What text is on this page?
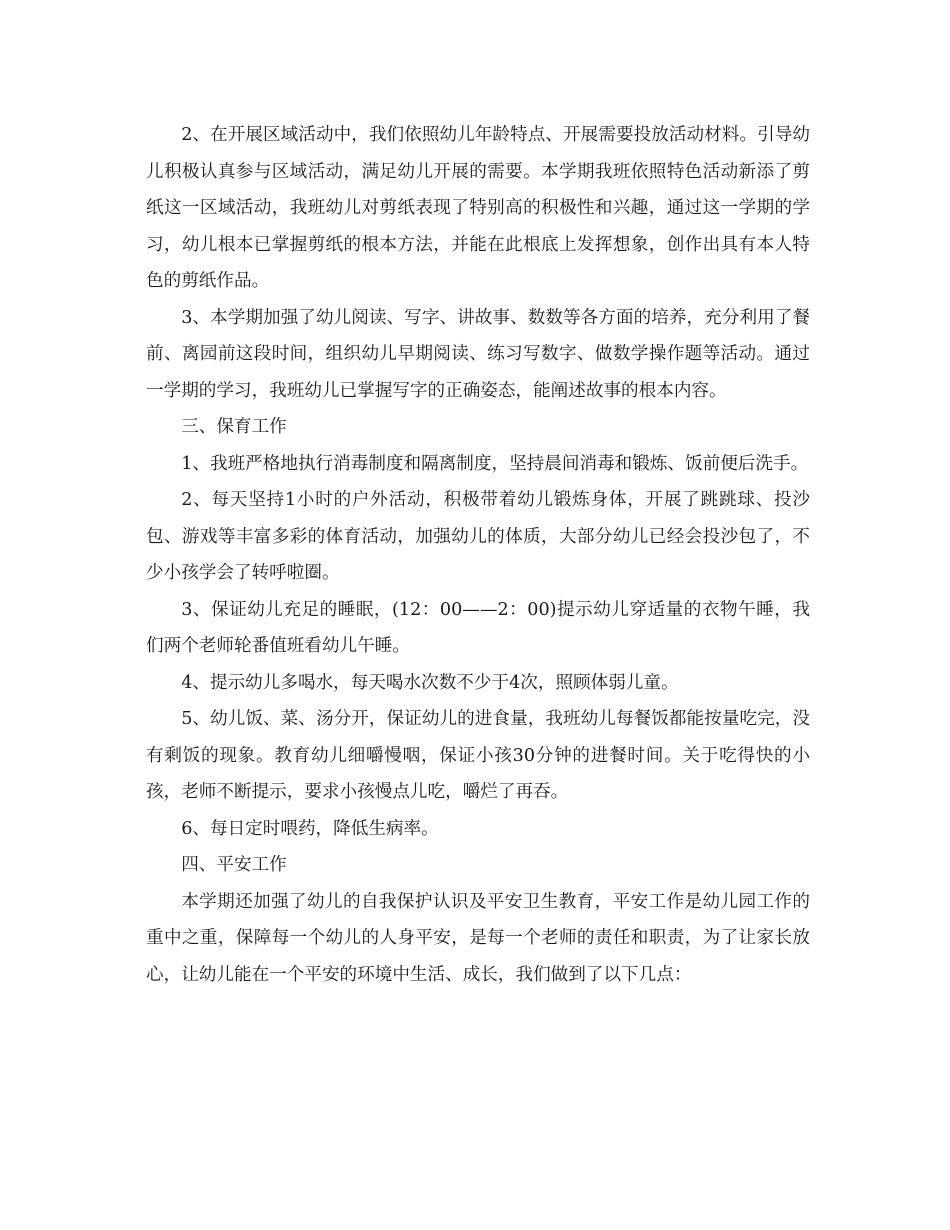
2、在开展区域活动中，我们依照幼儿年龄特点、开展需要投放活动材料。引导幼儿积极认真参与区域活动，满足幼儿开展的需要。本学期我班依照特色活动新添了剪纸这一区域活动，我班幼儿对剪纸表现了特别高的积极性和兴趣，通过这一学期的学习，幼儿根本已掌握剪纸的根本方法，并能在此根底上发挥想象，创作出具有本人特色的剪纸作品。

3、本学期加强了幼儿阅读、写字、讲故事、数数等各方面的培养，充分利用了餐前、离园前这段时间，组织幼儿早期阅读、练习写数字、做数学操作题等活动。通过一学期的学习，我班幼儿已掌握写字的正确姿态，能阐述故事的根本内容。

三、保育工作

1、我班严格地执行消毒制度和隔离制度，坚持晨间消毒和锻炼、饭前便后洗手。

2、每天坚持1小时的户外活动，积极带着幼儿锻炼身体，开展了跳跳球、投沙包、游戏等丰富多彩的体育活动，加强幼儿的体质，大部分幼儿已经会投沙包了，不少小孩学会了转呼啦圈。

3、保证幼儿充足的睡眠，(12：00——2：00)提示幼儿穿适量的衣物午睡，我们两个老师轮番值班看幼儿午睡。

4、提示幼儿多喝水，每天喝水次数不少于4次，照顾体弱儿童。

5、幼儿饭、菜、汤分开，保证幼儿的进食量，我班幼儿每餐饭都能按量吃完，没有剩饭的现象。教育幼儿细嚼慢咽，保证小孩30分钟的进餐时间。关于吃得快的小孩，老师不断提示，要求小孩慢点儿吃，嚼烂了再吞。

6、每日定时喂药，降低生病率。

四、平安工作

本学期还加强了幼儿的自我保护认识及平安卫生教育，平安工作是幼儿园工作的重中之重，保障每一个幼儿的人身平安，是每一个老师的责任和职责，为了让家长放心，让幼儿能在一个平安的环境中生活、成长，我们做到了以下几点：
